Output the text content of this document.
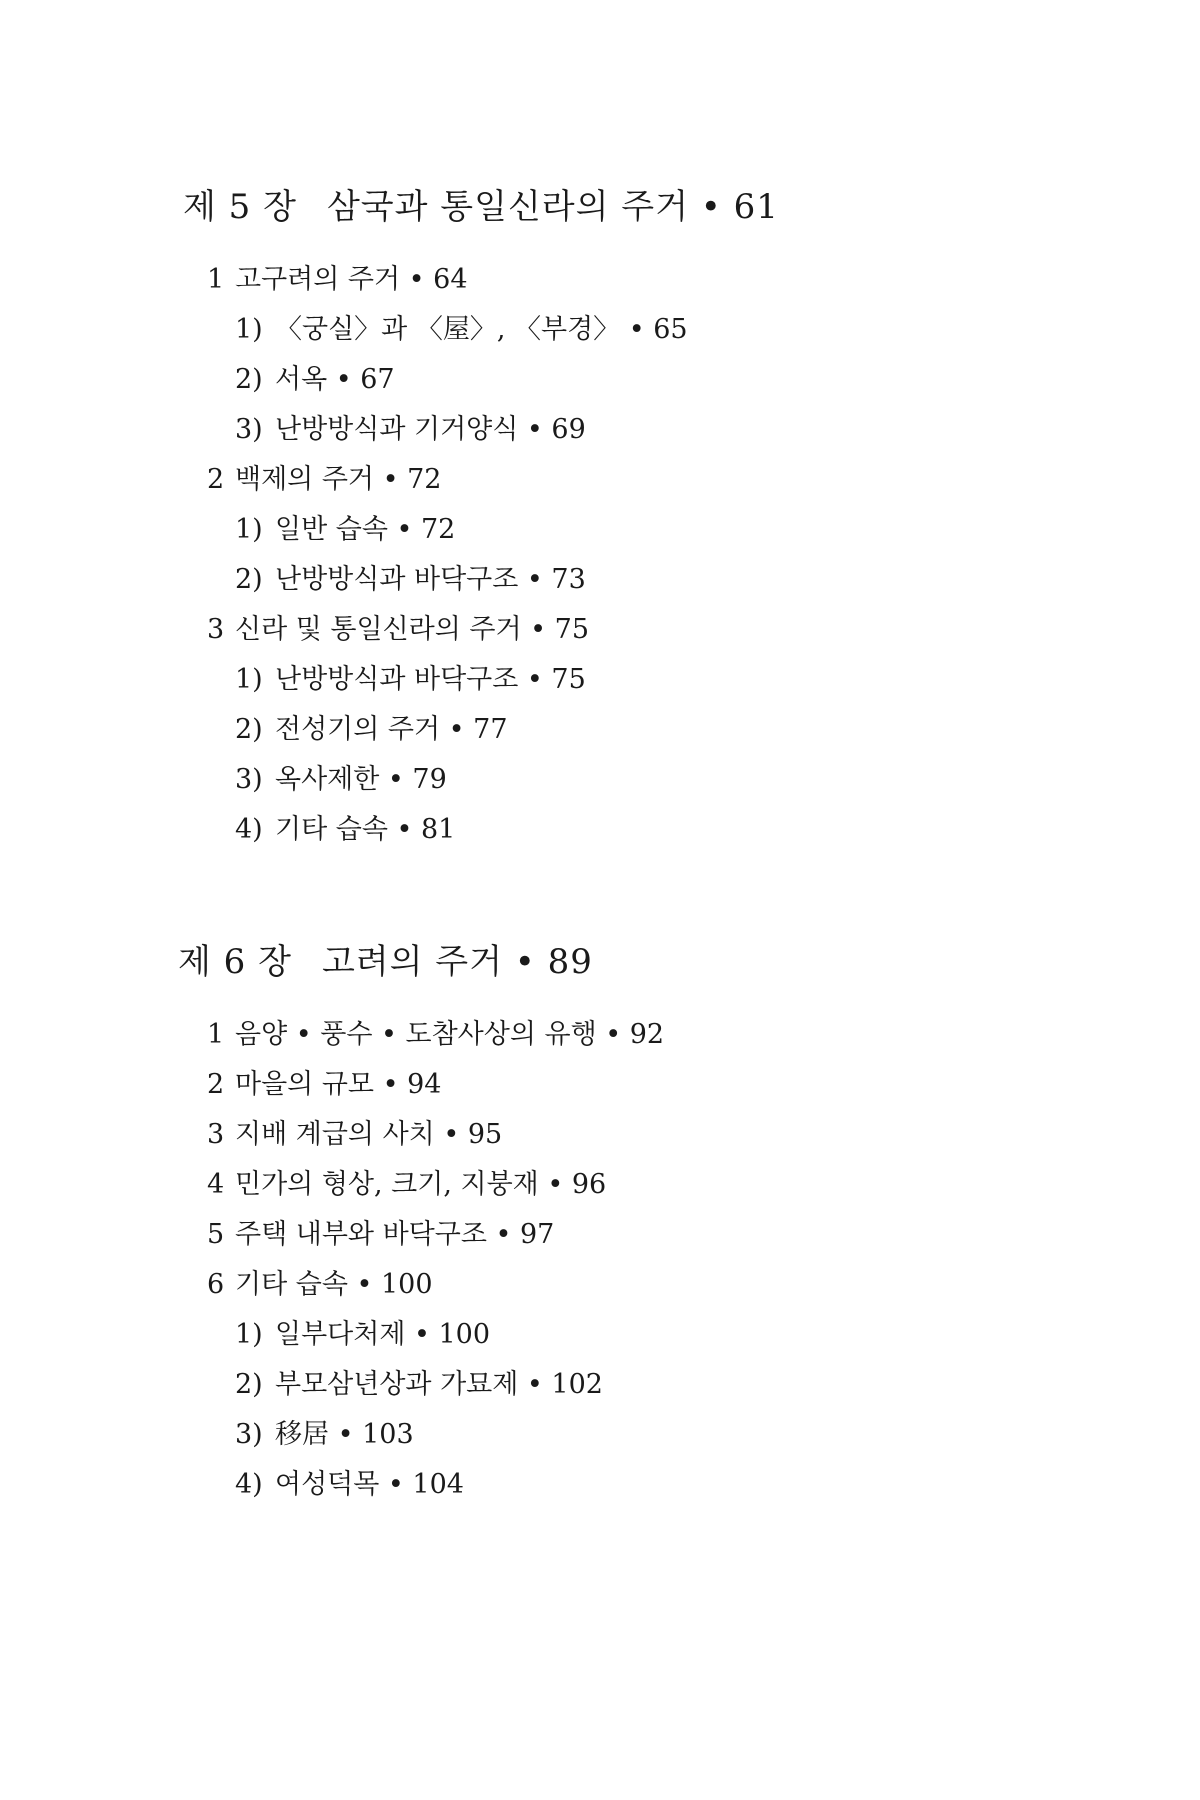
제 5 장 삼국과 통일신라의 주거 • 61
1 고구려의 주거 • 64
1) 〈궁실〉과 〈屋〉, 〈부경〉 • 65
2) 서옥 • 67
3) 난방방식과 기거양식 • 69
2 백제의 주거 • 72
1) 일반 습속 • 72
2) 난방방식과 바닥구조 • 73
3 신라 및 통일신라의 주거 • 75
1) 난방방식과 바닥구조 • 75
2) 전성기의 주거 • 77
3) 옥사제한 • 79
4) 기타 습속 • 81
제 6 장 고려의 주거 • 89
1 음양 • 풍수 • 도참사상의 유행 • 92
2 마을의 규모 • 94
3 지배 계급의 사치 • 95
4 민가의 형상, 크기, 지붕재 • 96
5 주택 내부와 바닥구조 • 97
6 기타 습속 • 100
1) 일부다처제 • 100
2) 부모삼년상과 가묘제 • 102
3) 移居 • 103
4) 여성덕목 • 104
